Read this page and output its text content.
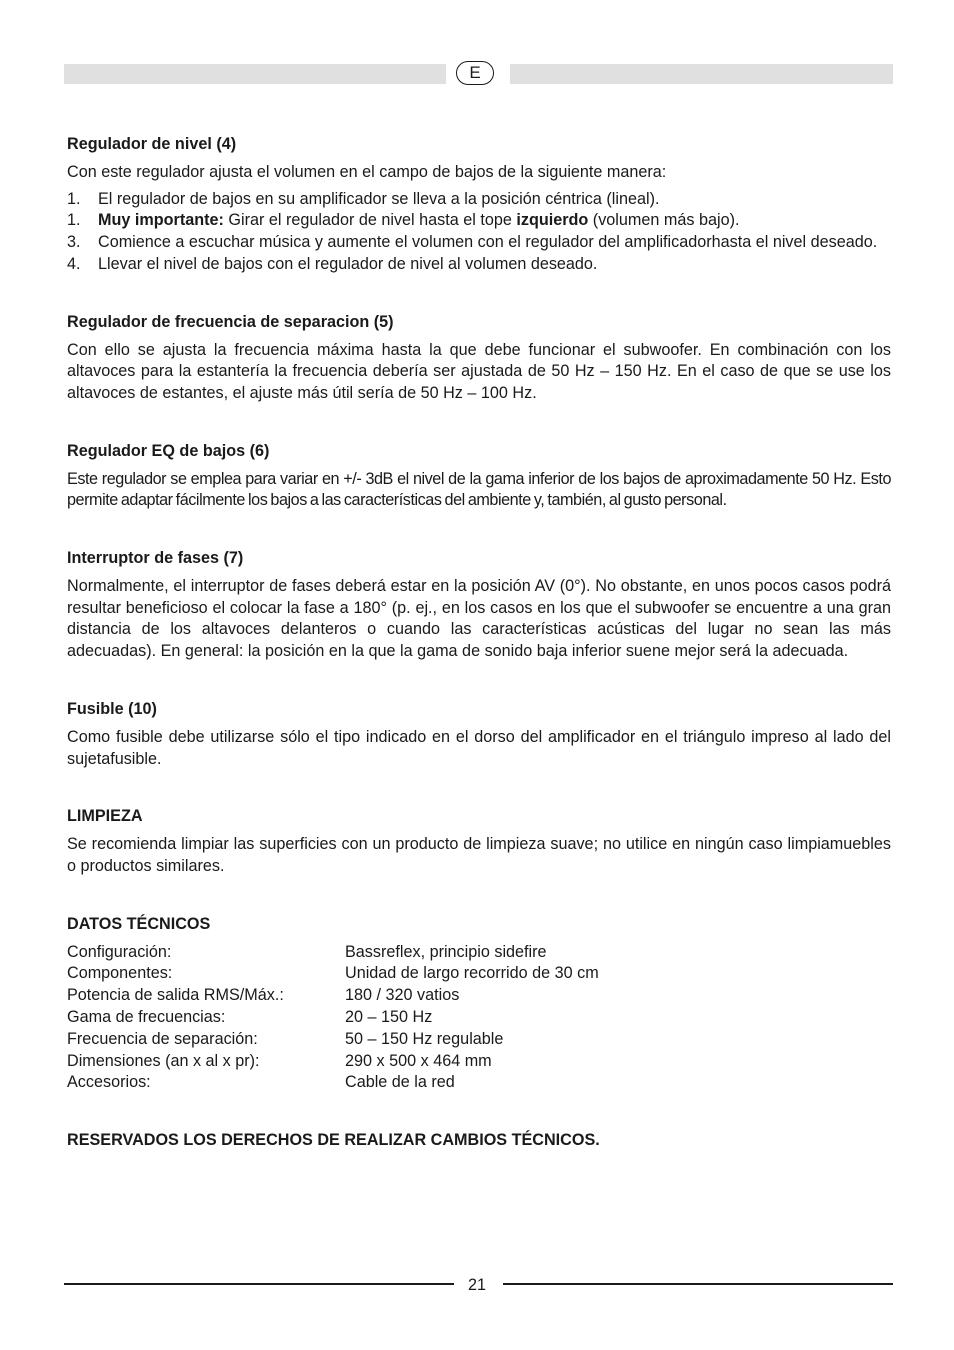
E
Regulador de nivel (4)

Con este regulador ajusta el volumen en el campo de bajos de la siguiente manera:

1.	El regulador de bajos en su amplificador se lleva a la posición céntrica (lineal).
1.	Muy importante: Girar el regulador de nivel hasta el tope izquierdo (volumen más bajo).
3.	Comience a escuchar música y aumente el volumen con el regulador del amplificadorhasta el nivel deseado.
4.	Llevar el nivel de bajos con el regulador de nivel al volumen deseado.
Regulador de frecuencia de separacion (5)

Con ello se ajusta la frecuencia máxima hasta la que debe funcionar el subwoofer. En combinación con los altavoces para la estantería la frecuencia debería ser ajustada de 50 Hz – 150 Hz. En el caso de que se use los altavoces de estantes, el ajuste más útil sería de 50 Hz – 100 Hz.

Regulador EQ de bajos (6)

Este regulador se emplea para variar en +/- 3dB el nivel de la gama inferior de los bajos de aproximadamente 50 Hz. Esto permite adaptar fácilmente los bajos a las características del ambiente y, también, al gusto personal.

Interruptor de fases (7)

Normalmente, el interruptor de fases deberá estar en la posición AV (0°). No obstante, en unos pocos casos podrá resultar beneficioso el colocar la fase a 180° (p. ej., en los casos en los que el subwoofer se encuentre a una gran distancia de los altavoces delanteros o cuando las características acústicas del lugar no sean las más adecuadas). En general: la posición en la que la gama de sonido baja inferior suene mejor será la adecuada.

Fusible (10)

Como fusible debe utilizarse sólo el tipo indicado en el dorso del amplificador en el triángulo impreso al lado del sujetafusible.

LIMPIEZA

Se recomienda limpiar las superficies con un producto de limpieza suave; no utilice en ningún caso limpiamuebles o productos similares.

DATOS TÉCNICOS
Configuración:	Bassreflex, principio sidefire
Componentes:	Unidad de largo recorrido de 30 cm
Potencia de salida RMS/Máx.:	180 / 320 vatios
Gama de frecuencias:	20 – 150 Hz
Frecuencia de separación:	50 – 150 Hz regulable
Dimensiones (an x al x pr):	290 x 500 x 464 mm
Accesorios:	Cable de la red

RESERVADOS LOS DERECHOS DE REALIZAR CAMBIOS TÉCNICOS.

21
